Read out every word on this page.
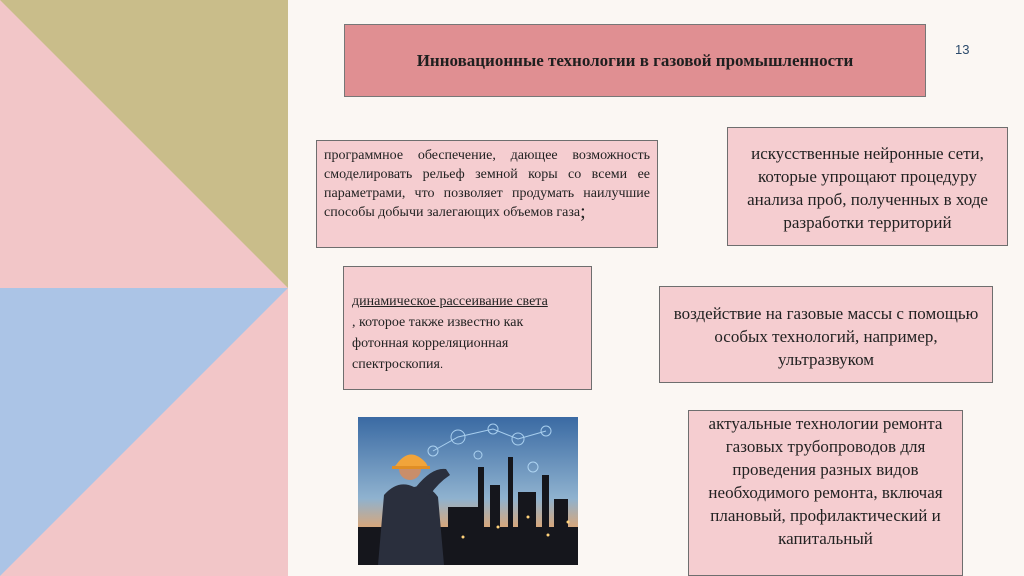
13
Инновационные технологии в газовой промышленности
программное обеспечение, дающее возможность смоделировать рельеф земной коры со всеми ее параметрами, что позволяет продумать наилучшие способы добычи залегающих объемов газа;
искусственные нейронные сети, которые упрощают процедуру анализа проб, полученных в ходе разработки территорий
динамическое рассеивание света
, которое также известно как фотонная корреляционная спектроскопия.
воздействие на газовые массы с помощью особых технологий, например, ультразвуком
актуальные технологии ремонта газовых трубопроводов для проведения разных видов необходимого ремонта, включая плановый, профилактический и капитальный
